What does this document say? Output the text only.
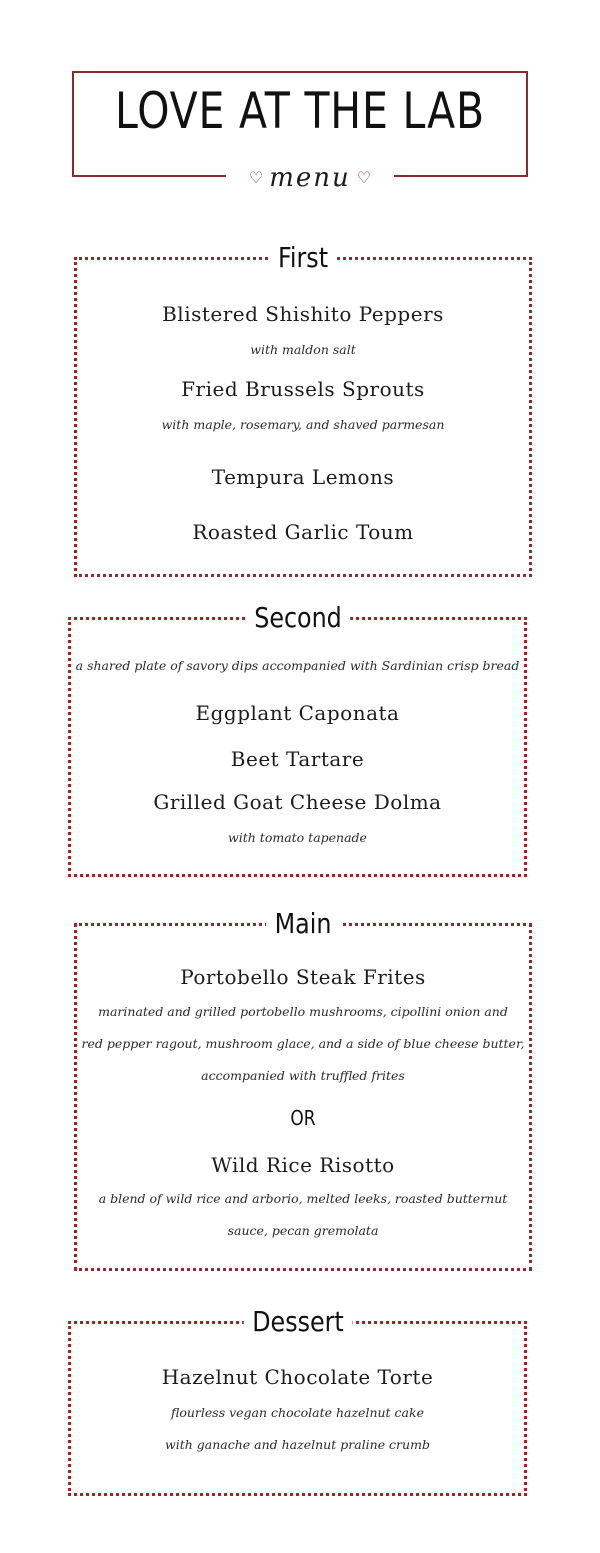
LOVE AT THE LAB
♡ menu ♡
First
Blistered Shishito Peppers
with maldon salt
Fried Brussels Sprouts
with maple, rosemary, and shaved parmesan
Tempura Lemons
Roasted Garlic Toum
Second
a shared plate of savory dips accompanied with Sardinian crisp bread
Eggplant Caponata
Beet Tartare
Grilled Goat Cheese Dolma
with tomato tapenade
Main
Portobello Steak Frites
marinated and grilled portobello mushrooms, cipollini onion and
red pepper ragout, mushroom glace, and a side of blue cheese butter,
accompanied with truffled frites
OR
Wild Rice Risotto
a blend of wild rice and arborio, melted leeks, roasted butternut
sauce, pecan gremolata
Dessert
Hazelnut Chocolate Torte
flourless vegan chocolate hazelnut cake
with ganache and hazelnut praline crumb
